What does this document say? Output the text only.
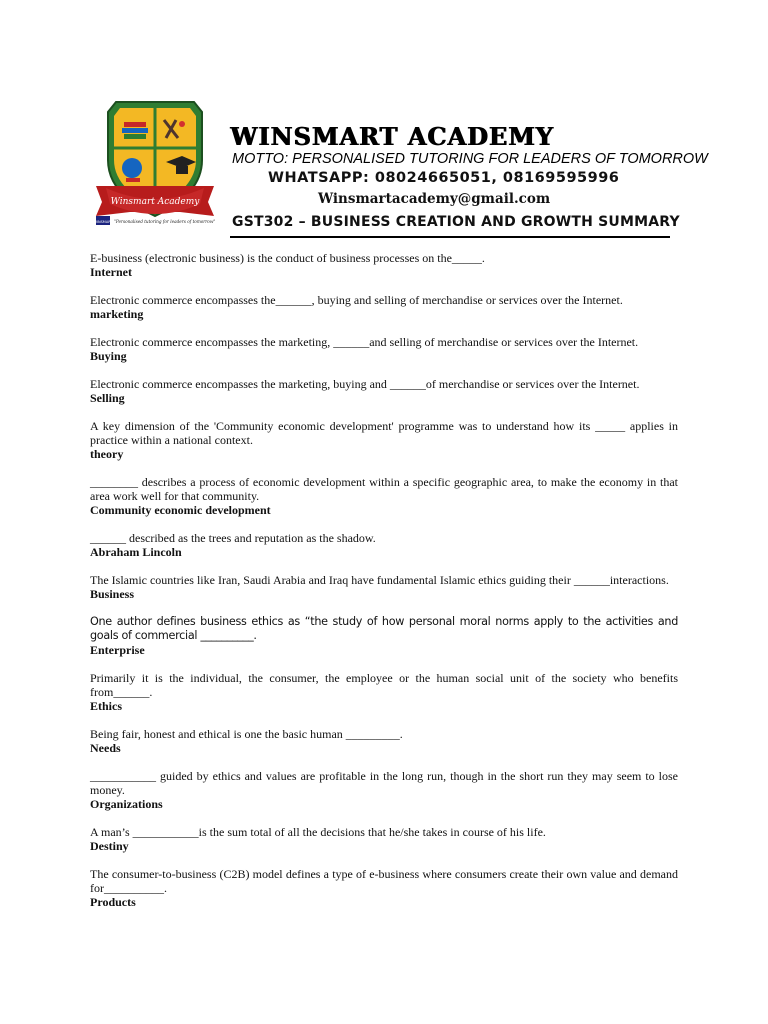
Winsmart Academy
WINSMART "Personalised tutoring for leaders of tomorrow"
WINSMART ACADEMY
MOTTO: PERSONALISED TUTORING FOR LEADERS OF TOMORROW
WHATSAPP: 08024665051, 08169595996
Winsmartacademy@gmail.com
GST302 – BUSINESS CREATION AND GROWTH SUMMARY
E-business (electronic business) is the conduct of business processes on the_____.
Internet
Electronic commerce encompasses the______, buying and selling of merchandise or services over the Internet.
marketing
Electronic commerce encompasses the marketing, ______and selling of merchandise or services over the Internet.
Buying
Electronic commerce encompasses the marketing, buying and ______of merchandise or services over the Internet.
Selling
A key dimension of the 'Community economic development' programme was to understand how its _____ applies in practice within a national context.
theory
________ describes a process of economic development within a specific geographic area, to make the economy in that area work well for that community.
Community economic development
______ described as the trees and reputation as the shadow.
Abraham Lincoln
The Islamic countries like Iran, Saudi Arabia and Iraq have fundamental Islamic ethics guiding their ______interactions.
Business
One author defines business ethics as “the study of how personal moral norms apply to the activities and goals of commercial __________.
Enterprise
Primarily it is the individual, the consumer, the employee or the human social unit of the society who benefits from______.
Ethics
Being fair, honest and ethical is one the basic human _________.
Needs
___________ guided by ethics and values are profitable in the long run, though in the short run they may seem to lose money.
Organizations
A man’s ___________is the sum total of all the decisions that he/she takes in course of his life.
Destiny
The consumer-to-business (C2B) model defines a type of e-business where consumers create their own value and demand for__________.
Products
